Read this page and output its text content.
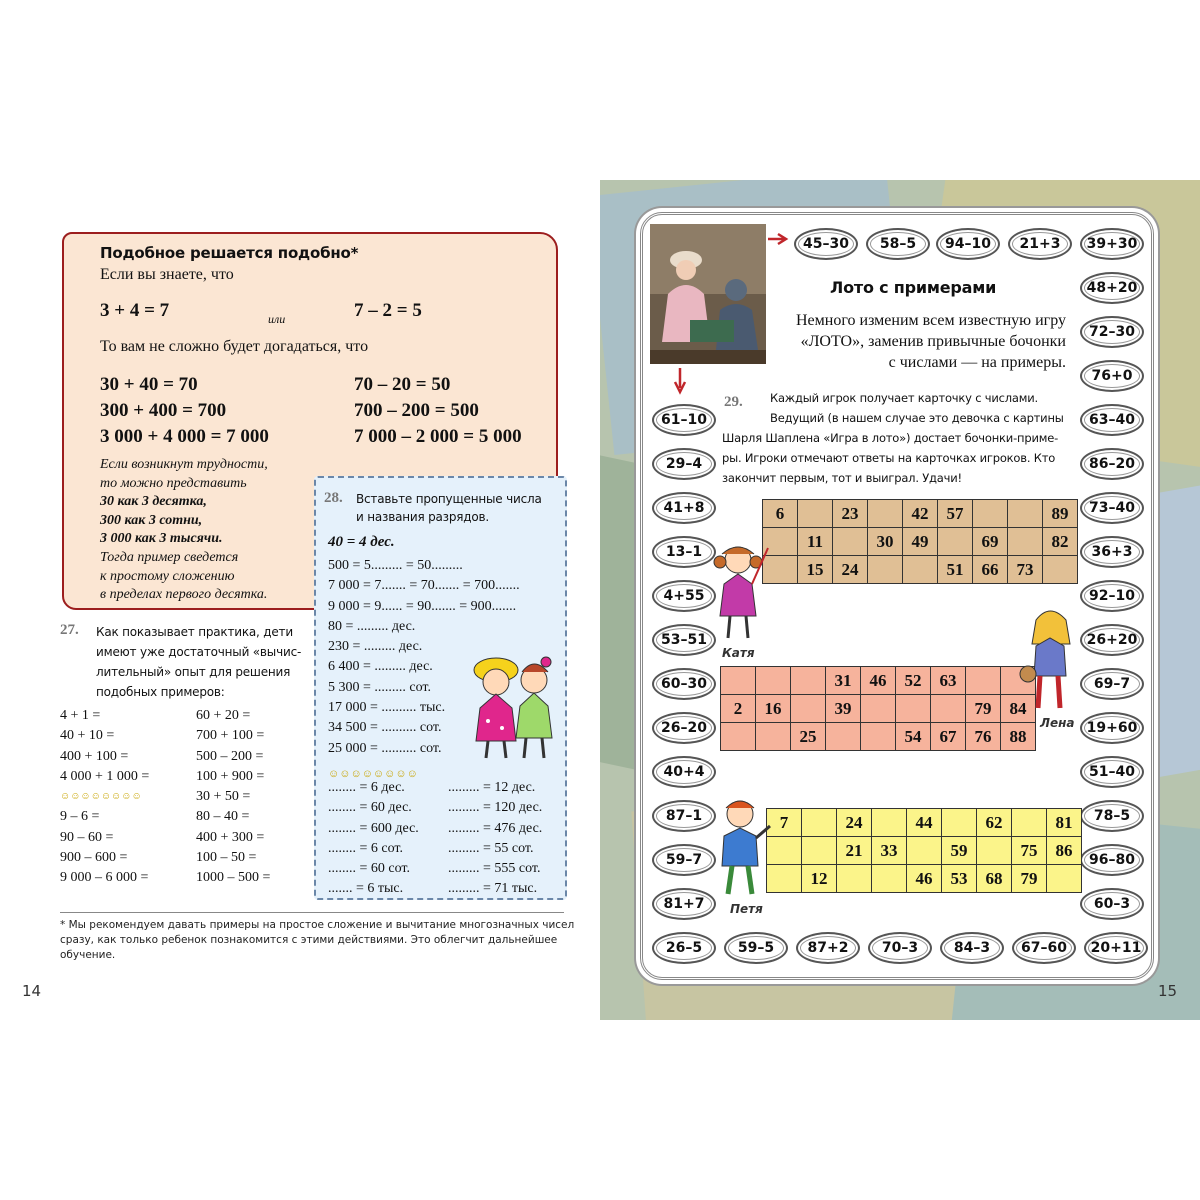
Подобное решается подобно*
Если вы знаете, что
3 + 4 = 7	или	7 – 2 = 5
То вам не сложно будет догадаться, что
30 + 40 = 70
300 + 400 = 700
3 000 + 4 000 = 7 000
70 – 20 = 50
700 – 200 = 500
7 000 – 2 000 = 5 000
Если возникнут трудности,
то можно представить
30 как 3 десятка,
300 как 3 сотни,
3 000 как 3 тысячи.
Тогда пример сведется
к простому сложению
в пределах первого десятка.
28. Вставьте пропущенные числа
и названия разрядов.
40 = 4 дес.
500 = 5......... = 50.........
7 000 = 7....... = 70....... = 700.......
9 000 = 9...... = 90....... = 900.......
80 = ......... дес.
230 = ......... дес.
6 400 = ......... дес.
5 300 = ......... сот.
17 000 = .......... тыс.
34 500 = .......... сот.
25 000 = .......... сот.
☺☺☺☺☺☺☺☺
........ = 6 дес.
........ = 60 дес.
........ = 600 дес.
........ = 6 сот.
........ = 60 сот.
....... = 6 тыс.
......... = 12 дес.
......... = 120 дес.
......... = 476 дес.
......... = 55 сот.
......... = 555 сот.
......... = 71 тыс.
27. Как показывает практика, дети
имеют уже достаточный «вычис-
лительный» опыт для решения
подобных примеров:
4 + 1 =
40 + 10 =
400 + 100 =
4 000 + 1 000 =
☺☺☺☺☺☺☺☺
9 – 6 =
90 – 60 =
900 – 600 =
9 000 – 6 000 =
60 + 20 =
700 + 100 =
500 – 200 =
100 + 900 =
30 + 50 =
80 – 40 =
400 + 300 =
100 – 50 =
1000 – 500 =
* Мы рекомендуем давать примеры на простое сложение и вычитание многозначных чисел
сразу, как только ребенок познакомится с этими действиями. Это облегчит дальнейшее
обучение.
14	15
Лото с примерами
Немного изменим всем известную игру
«ЛОТО», заменив привычные бочонки
с числами — на примеры.
29.	Каждый игрок получает карточку с числами.
Ведущий (в нашем случае это девочка с картины
Шарля Шаплена «Игра в лото») достает бочонки-приме-
ры. Игроки отмечают ответы на карточках игроков. Кто
закончит первым, тот и выиграл. Удачи!
45–30	58–5	94–10	21+3	39+30
61–10
29–4
41+8
13–1
4+55
53–51
60–30
26–20
40+4
87–1
59–7
81+7
48+20
72–30
76+0
63–40
86–20
73–40
36+3
92–10
26+20
69–7
19+60
51–40
78–5
96–80
60–3
26–5	59–5	87+2	70–3	84–3	67–60	20+11
6		23		42	57			89
	11		30	49		69		82
	15	24			51	66	73	
			31	46	52	63		
2	16		39				79	84
		25			54	67	76	88
7		24		44		62		81
		21	33		59		75	86
	12			46	53	68	79	
Катя
Лена
Петя
